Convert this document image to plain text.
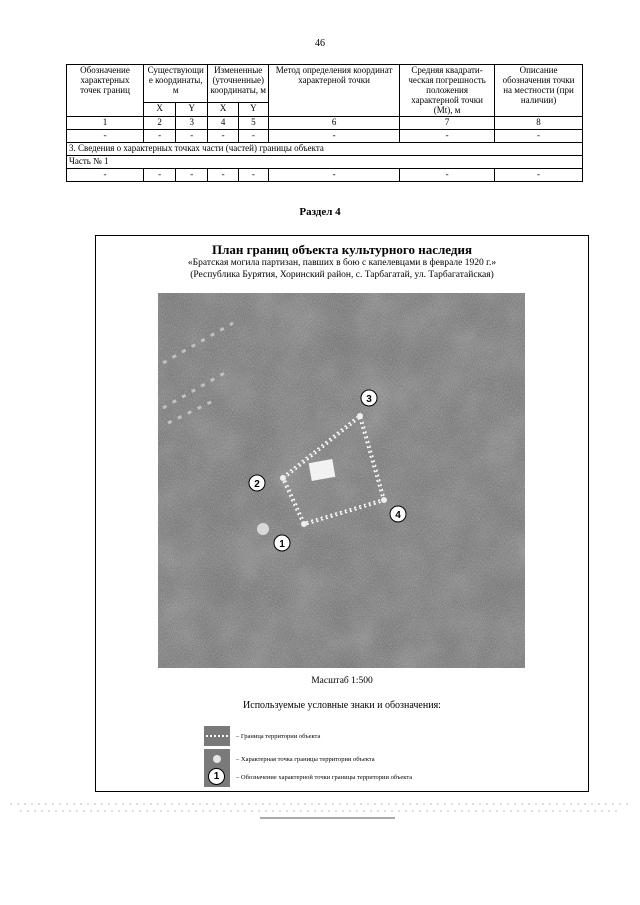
46
Обозначение характерных точек границ	Существующи е координаты, м		Измененные (уточненные) координаты, м		Метод определения координат характерной точки	Средняя квадрати- ческая погрешность положения характерной точки (Mt), м	Описание обозначения точки на местности (при наличии)
	X	Y	X	Y			
1	2	3	4	5	6	7	8
-	-	-	-	-	-	-	-
3. Сведения о характерных точках части (частей) границы объекта							
Часть № 1							
-	-	-	-	-	-	-	-
Раздел 4
План границ объекта культурного наследия
«Братская могила партизан, павших в бою с капелевцами в феврале 1920 г.»
(Республика Бурятия, Хоринский район, с. Тарбагатай, ул. Тарбагатайская)
1
2
3
4
Масштаб 1:500
Используемые условные знаки и обозначения:
– Граница территории объекта
– Характерная точка границы территории объекта
1	– Обозначение характерной точки границы территории объекта
